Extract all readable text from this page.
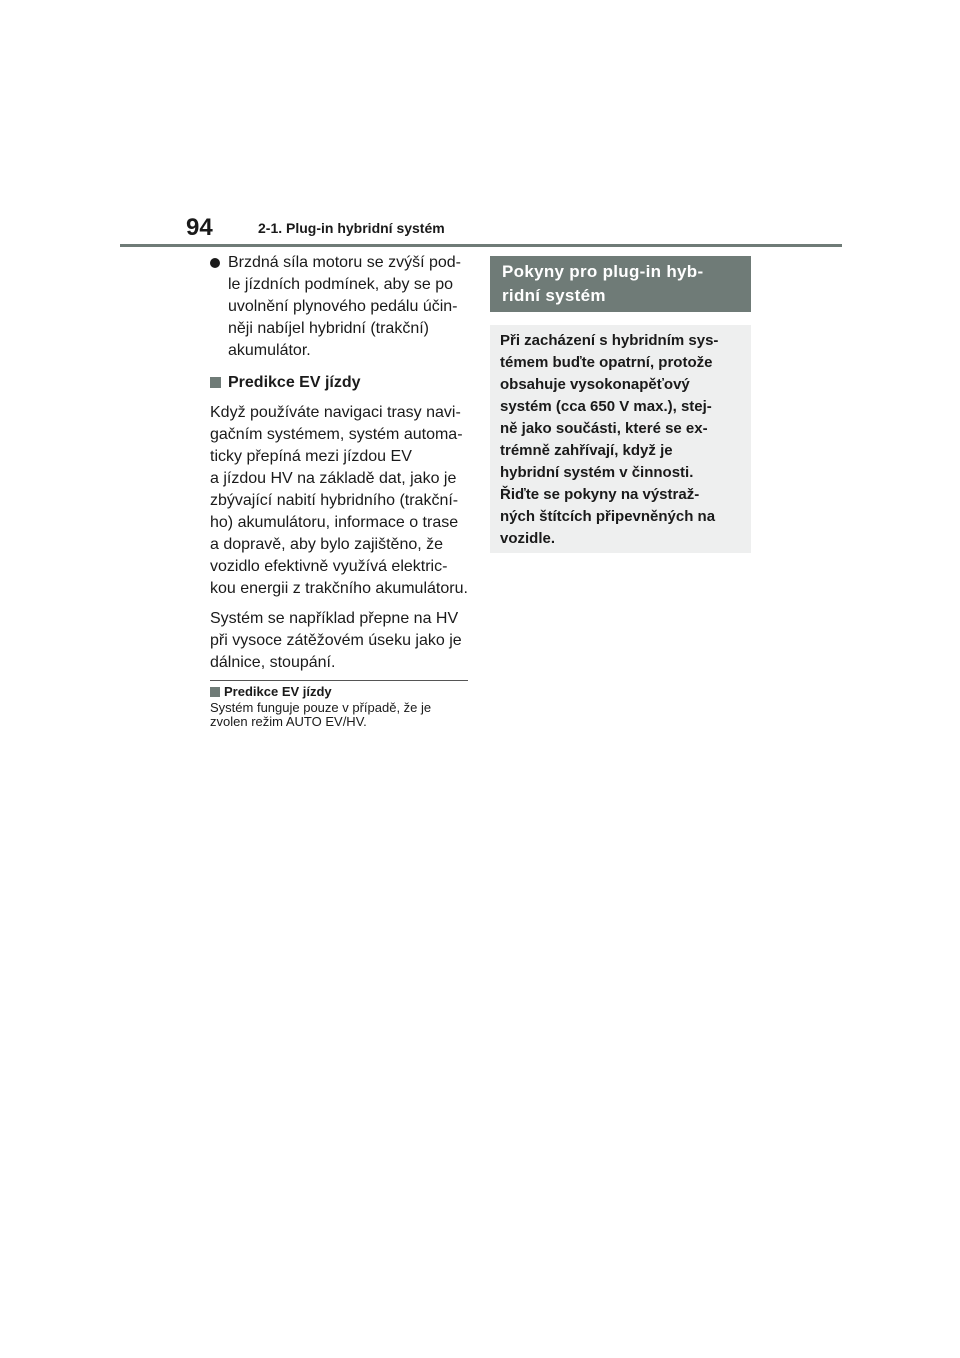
94	2-1. Plug-in hybridní systém
Brzdná síla motoru se zvýší pod-
le jízdních podmínek, aby se po
uvolnění plynového pedálu účin-
něji nabíjel hybridní (trakční)
akumulátor.
Predikce EV jízdy
Když používáte navigaci trasy navi-
gačním systémem, systém automa-
ticky přepíná mezi jízdou EV
a jízdou HV na základě dat, jako je
zbývající nabití hybridního (trakční-
ho) akumulátoru, informace o trase
a dopravě, aby bylo zajištěno, že
vozidlo efektivně využívá elektric-
kou energii z trakčního akumulátoru.
Systém se například přepne na HV
při vysoce zátěžovém úseku jako je
dálnice, stoupání.
Predikce EV jízdy
Systém funguje pouze v případě, že je
zvolen režim AUTO EV/HV.
Pokyny pro plug-in hyb-
ridní systém
Při zacházení s hybridním sys-
témem buďte opatrní, protože
obsahuje vysokonapěťový
systém (cca 650 V max.), stej-
ně jako součásti, které se ex-
trémně zahřívají, když je
hybridní systém v činnosti.
Řiďte se pokyny na výstraž-
ných štítcích připevněných na
vozidle.
